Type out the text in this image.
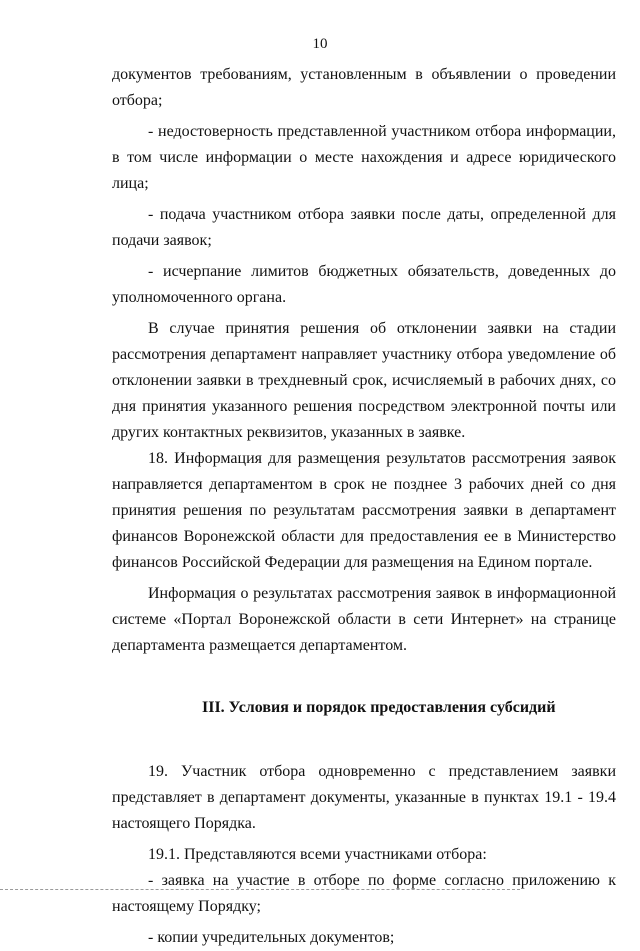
10

документов требованиям, установленным в объявлении о проведении отбора;

- недостоверность представленной участником отбора информации, в том числе информации о месте нахождения и адресе юридического лица;

- подача участником отбора заявки после даты, определенной для подачи заявок;

- исчерпание лимитов бюджетных обязательств, доведенных до уполномоченного органа.

В случае принятия решения об отклонении заявки на стадии рассмотрения департамент направляет участнику отбора уведомление об отклонении заявки в трехдневный срок, исчисляемый в рабочих днях, со дня принятия указанного решения посредством электронной почты или других контактных реквизитов, указанных в заявке.

18. Информация для размещения результатов рассмотрения заявок направляется департаментом в срок не позднее 3 рабочих дней со дня принятия решения по результатам рассмотрения заявки в департамент финансов Воронежской области для предоставления ее в Министерство финансов Российской Федерации для размещения на Едином портале.

Информация о результатах рассмотрения заявок в информационной системе «Портал Воронежской области в сети Интернет» на странице департамента размещается департаментом.

III. Условия и порядок предоставления субсидий

19. Участник отбора одновременно с представлением заявки представляет в департамент документы, указанные в пунктах 19.1 - 19.4 настоящего Порядка.

19.1. Представляются всеми участниками отбора:

- заявка на участие в отборе по форме согласно приложению к настоящему Порядку;

- копии учредительных документов;
